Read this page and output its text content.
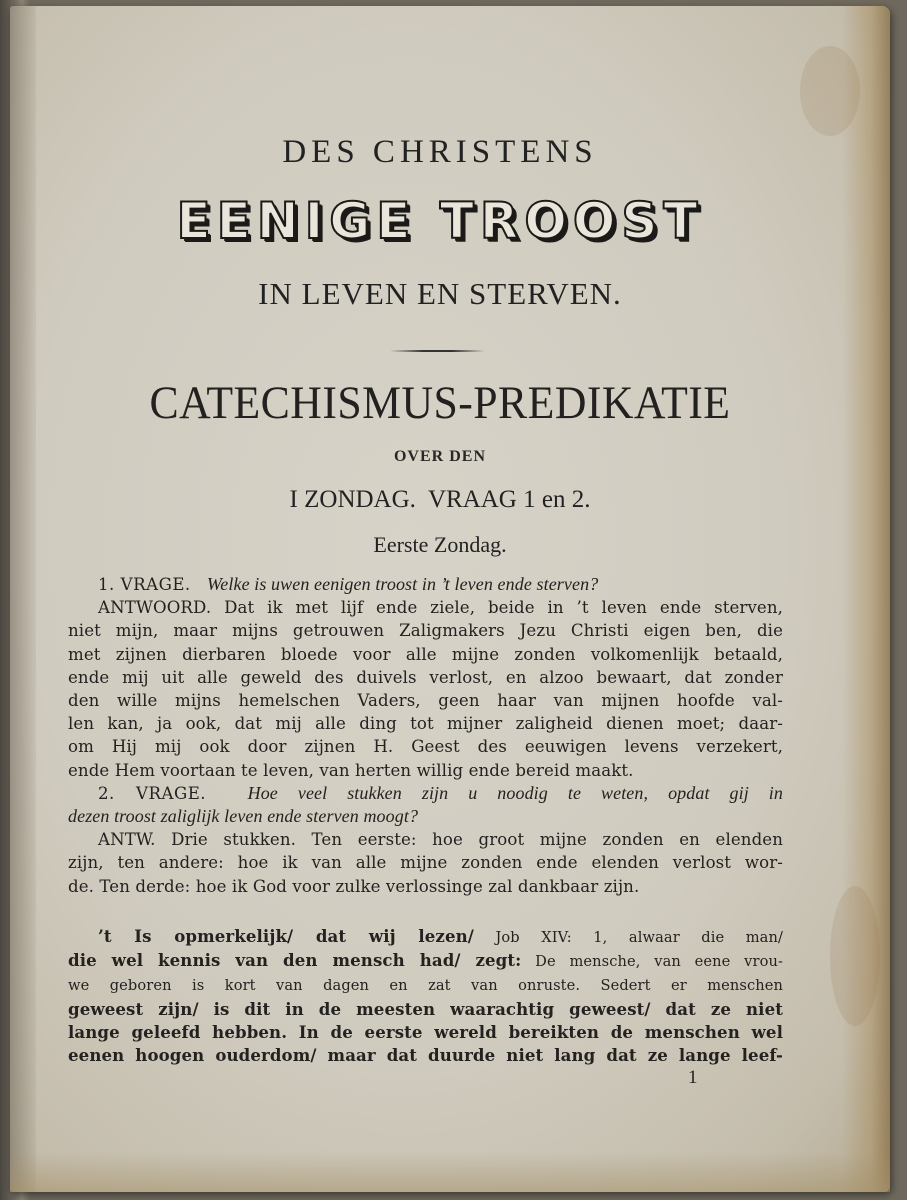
DES CHRISTENS
EENIGE TROOST
IN LEVEN EN STERVEN.
CATECHISMUS-PREDIKATIE
OVER DEN
I ZONDAG.  VRAAG 1 en 2.
Eerste Zondag.
1. VRAGE. Welke is uwen eenigen troost in ’t leven ende sterven?
ANTWOORD. Dat ik met lijf ende ziele, beide in ’t leven ende sterven,
niet mijn, maar mijns getrouwen Zaligmakers Jezu Christi eigen ben, die
met zijnen dierbaren bloede voor alle mijne zonden volkomenlijk betaald,
ende mij uit alle geweld des duivels verlost, en alzoo bewaart, dat zonder
den wille mijns hemelschen Vaders, geen haar van mijnen hoofde val-
len kan, ja ook, dat mij alle ding tot mijner zaligheid dienen moet; daar-
om Hij mij ook door zijnen H. Geest des eeuwigen levens verzekert,
ende Hem voortaan te leven, van herten willig ende bereid maakt.
2. VRAGE. Hoe veel stukken zijn u noodig te weten, opdat gij in
dezen troost zaliglijk leven ende sterven moogt?
ANTW. Drie stukken. Ten eerste: hoe groot mijne zonden en elenden
zijn, ten andere: hoe ik van alle mijne zonden ende elenden verlost wor-
de. Ten derde: hoe ik God voor zulke verlossinge zal dankbaar zijn.
’t Is opmerkelijk/ dat wij lezen/ Job XIV: 1, alwaar die man/
die wel kennis van den mensch had/ zegt: De mensche, van eene vrou-
we geboren is kort van dagen en zat van onruste. Sedert er menschen
geweest zijn/ is dit in de meesten waarachtig geweest/ dat ze niet
lange geleefd hebben. In de eerste wereld bereikten de menschen wel
eenen hoogen ouderdom/ maar dat duurde niet lang dat ze lange leef-
1
